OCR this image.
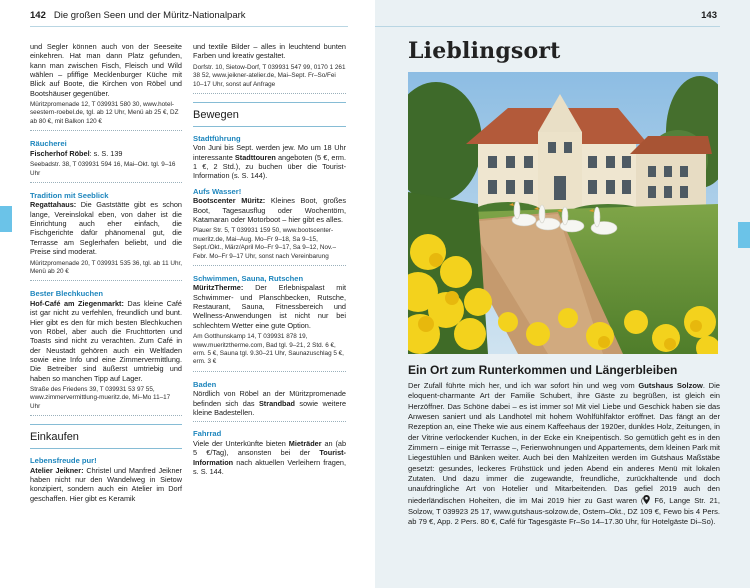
142 Die großen Seen und der Müritz-Nationalpark

und Segler können auch von der Seeseite einkehren. Hat man dann Platz gefunden, kann man zwischen Fisch, Fleisch und Wild wählen – pfiffige Mecklenburger Küche mit Blick auf Boote, die Kirchen von Röbel und Bootshäuser gegenüber.

Müritzpromenade 12, T 039931 580 30, www.hotel-seestern-roebel.de, tgl. ab 12 Uhr, Menü ab 25 €, DZ ab 80 €, mit Balkon 120 €

Räucherei

Fischerhof Röbel: s. S. 139

Seebadstr. 38, T 039931 594 16, Mai–Okt. tgl. 9–16 Uhr

Tradition mit Seeblick

Regattahaus: Die Gaststätte gibt es schon lange, Vereinslokal eben, von daher ist die Einrichtung auch eher einfach, die Fischgerichte dafür phänomenal gut, die Terrasse am Seglerhafen beliebt, und die Preise sind moderat.

Müritzpromenade 20, T 039931 535 36, tgl. ab 11 Uhr, Menü ab 20 €

Bester Blechkuchen

Hof-Café am Ziegenmarkt: Das kleine Café ist gar nicht zu verfehlen, freundlich und bunt. Hier gibt es den für mich besten Blechkuchen von Röbel, aber auch die Fruchttorten und Toasts sind nicht zu verachten. Zum Café in der Neustadt gehören auch ein Weltladen sowie eine Info und eine Zimmervermittlung. Die Betreiber sind äußerst umtriebig und haben so manchen Tipp auf Lager.

Straße des Friedens 39, T 039931 53 97 55, www.zimmervermittlung-mueritz.de, Mi–Mo 11–17 Uhr

Einkaufen

Lebensfreude pur!

Atelier Jeikner: Christel und Manfred Jeikner haben nicht nur den Wandelweg in Sietow konzipiert, sondern auch ein Atelier im Dorf geschaffen. Hier gibt es Keramik

und textile Bilder – alles in leuchtend bunten Farben und kreativ gestaltet.

Dorfstr. 10, Sietow-Dorf, T 039931 547 99, 0170 1 261 38 52, www.jeikner-atelier.de, Mai–Sept. Fr–So/Fei 10–17 Uhr, sonst auf Anfrage

Bewegen

Stadtführung

Von Juni bis Sept. werden jew. Mo um 18 Uhr interessante Stadttouren angeboten (5 €, erm. 1 €, 2 Std.), zu buchen über die Tourist-Information (s. S. 144).

Aufs Wasser!

Bootscenter Müritz: Kleines Boot, großes Boot, Tagesausflug oder Wochentörn, Katamaran oder Motorboot – hier gibt es alles.

Plauer Str. 5, T 039931 159 50, www.bootscenter-mueritz.de, Mai–Aug. Mo–Fr 9–18, Sa 9–15, Sept./Okt., März/April Mo–Fr 9–17, Sa 9–12, Nov.–Febr. Mo–Fr 9–17 Uhr, sonst nach Vereinbarung

Schwimmen, Sauna, Rutschen

MüritzTherme: Der Erlebnispalast mit Schwimmer- und Planschbecken, Rutsche, Restaurant, Sauna, Fitnessbereich und Wellness-Anwendungen ist nicht nur bei schlechtem Wetter eine gute Option.

Am Gotthunskamp 14, T 039931 878 19, www.mueritztherme.com, Bad tgl. 9–21, 2 Std. 6 €, erm. 5 €, Sauna tgl. 9.30–21 Uhr, Saunazuschlag 5 €, erm. 3 €

Baden

Nördlich von Röbel an der Müritzpromenade befinden sich das Strandbad sowie weitere kleine Badestellen.

Fahrrad

Viele der Unterkünfte bieten Mieträder an (ab 5 €/Tag), ansonsten bei der Tourist-Information nach aktuellen Verleihern fragen, s. S. 144.

143
Lieblingsort
Ein Ort zum Runterkommen und Längerbleiben

Der Zufall führte mich her, und ich war sofort hin und weg vom Gutshaus Solzow. Die eloquent-charmante Art der Familie Schubert, ihre Gäste zu begrüßen, ist gleich ein Herzöffner. Das Schöne dabei – es ist immer so! Mit viel Liebe und Geschick haben sie das Anwesen saniert und als Landhotel mit hohem Wohlfühlfaktor eröffnet. Das fängt an der Rezeption an, eine Theke wie aus einem Kaffeehaus der 1920er, dunkles Holz, Zeitungen, in der Vitrine verlockender Kuchen, in der Ecke ein Kneipentisch. So gemütlich geht es in den Zimmern – einige mit Terrasse –, Ferienwohnungen und Appartements, dem kleinen Park mit Liegestühlen und Bänken weiter. Auch bei den Mahlzeiten werden im Gutshaus Maßstäbe gesetzt: gesundes, leckeres Frühstück und jeden Abend ein anderes Menü mit lokalen Zutaten. Und dazu immer die zugewandte, freundliche, zurückhaltende und doch unaufdringliche Art von Hotelier und Mitarbeitenden. Das gefiel 2019 auch den niederländischen Hoheiten, die im Mai 2019 hier zu Gast waren ( F6, Lange Str. 21, Solzow, T 039923 25 17, www.gutshaus-solzow.de, Ostern–Okt., DZ 109 €, Fewo bis 4 Pers. ab 79 €, App. 2 Pers. 80 €, Café für Tagesgäste Fr–So 14–17.30 Uhr, für Hotelgäste Di–So).
